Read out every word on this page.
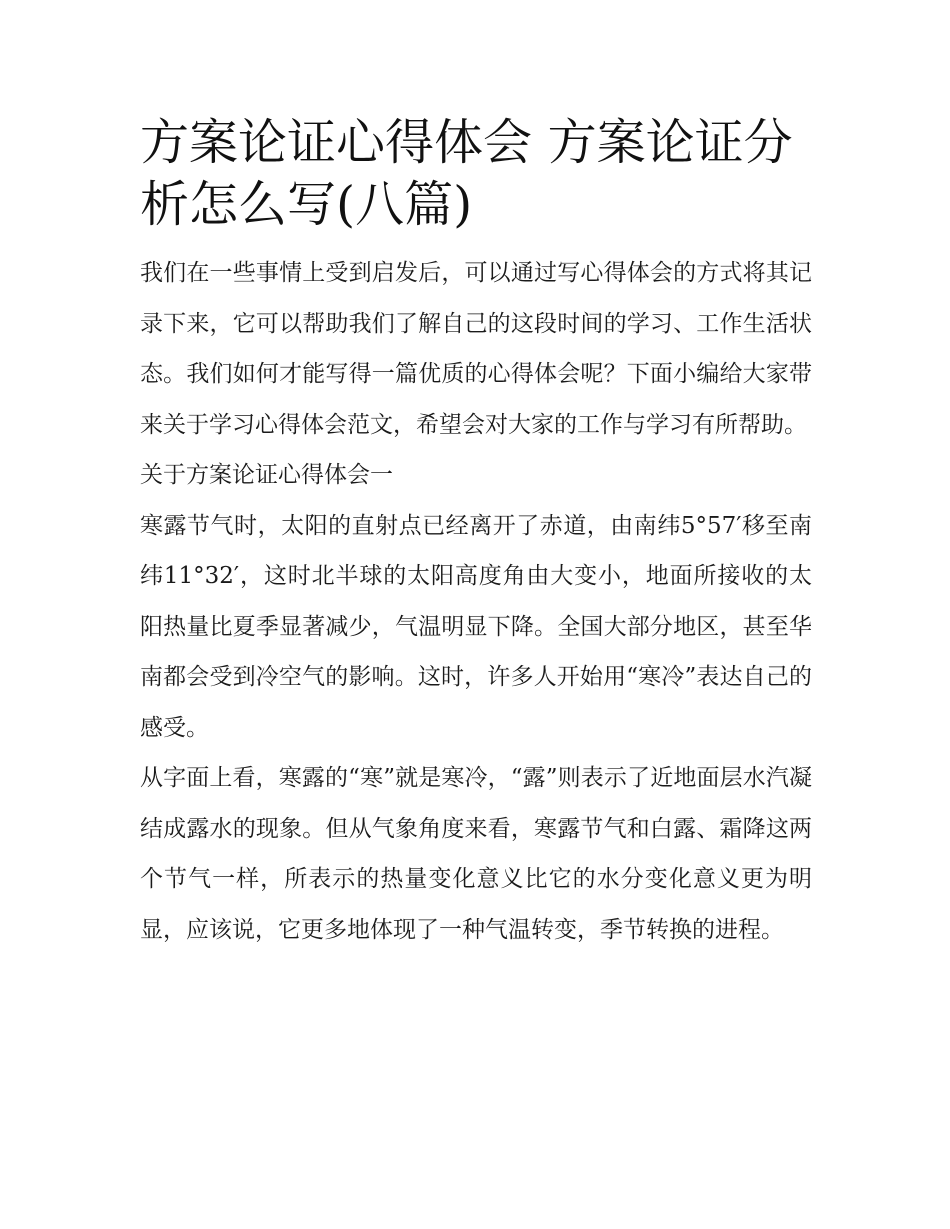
方案论证心得体会 方案论证分析怎么写(八篇)

我们在一些事情上受到启发后，可以通过写心得体会的方式将其记录下来，它可以帮助我们了解自己的这段时间的学习、工作生活状态。我们如何才能写得一篇优质的心得体会呢？下面小编给大家带来关于学习心得体会范文，希望会对大家的工作与学习有所帮助。

关于方案论证心得体会一

寒露节气时，太阳的直射点已经离开了赤道，由南纬5°57′移至南纬11°32′，这时北半球的太阳高度角由大变小，地面所接收的太阳热量比夏季显著减少，气温明显下降。全国大部分地区，甚至华南都会受到冷空气的影响。这时，许多人开始用“寒冷”表达自己的感受。

从字面上看，寒露的“寒”就是寒冷，“露”则表示了近地面层水汽凝结成露水的现象。但从气象角度来看，寒露节气和白露、霜降这两个节气一样，所表示的热量变化意义比它的水分变化意义更为明显，应该说，它更多地体现了一种气温转变，季节转换的进程。
